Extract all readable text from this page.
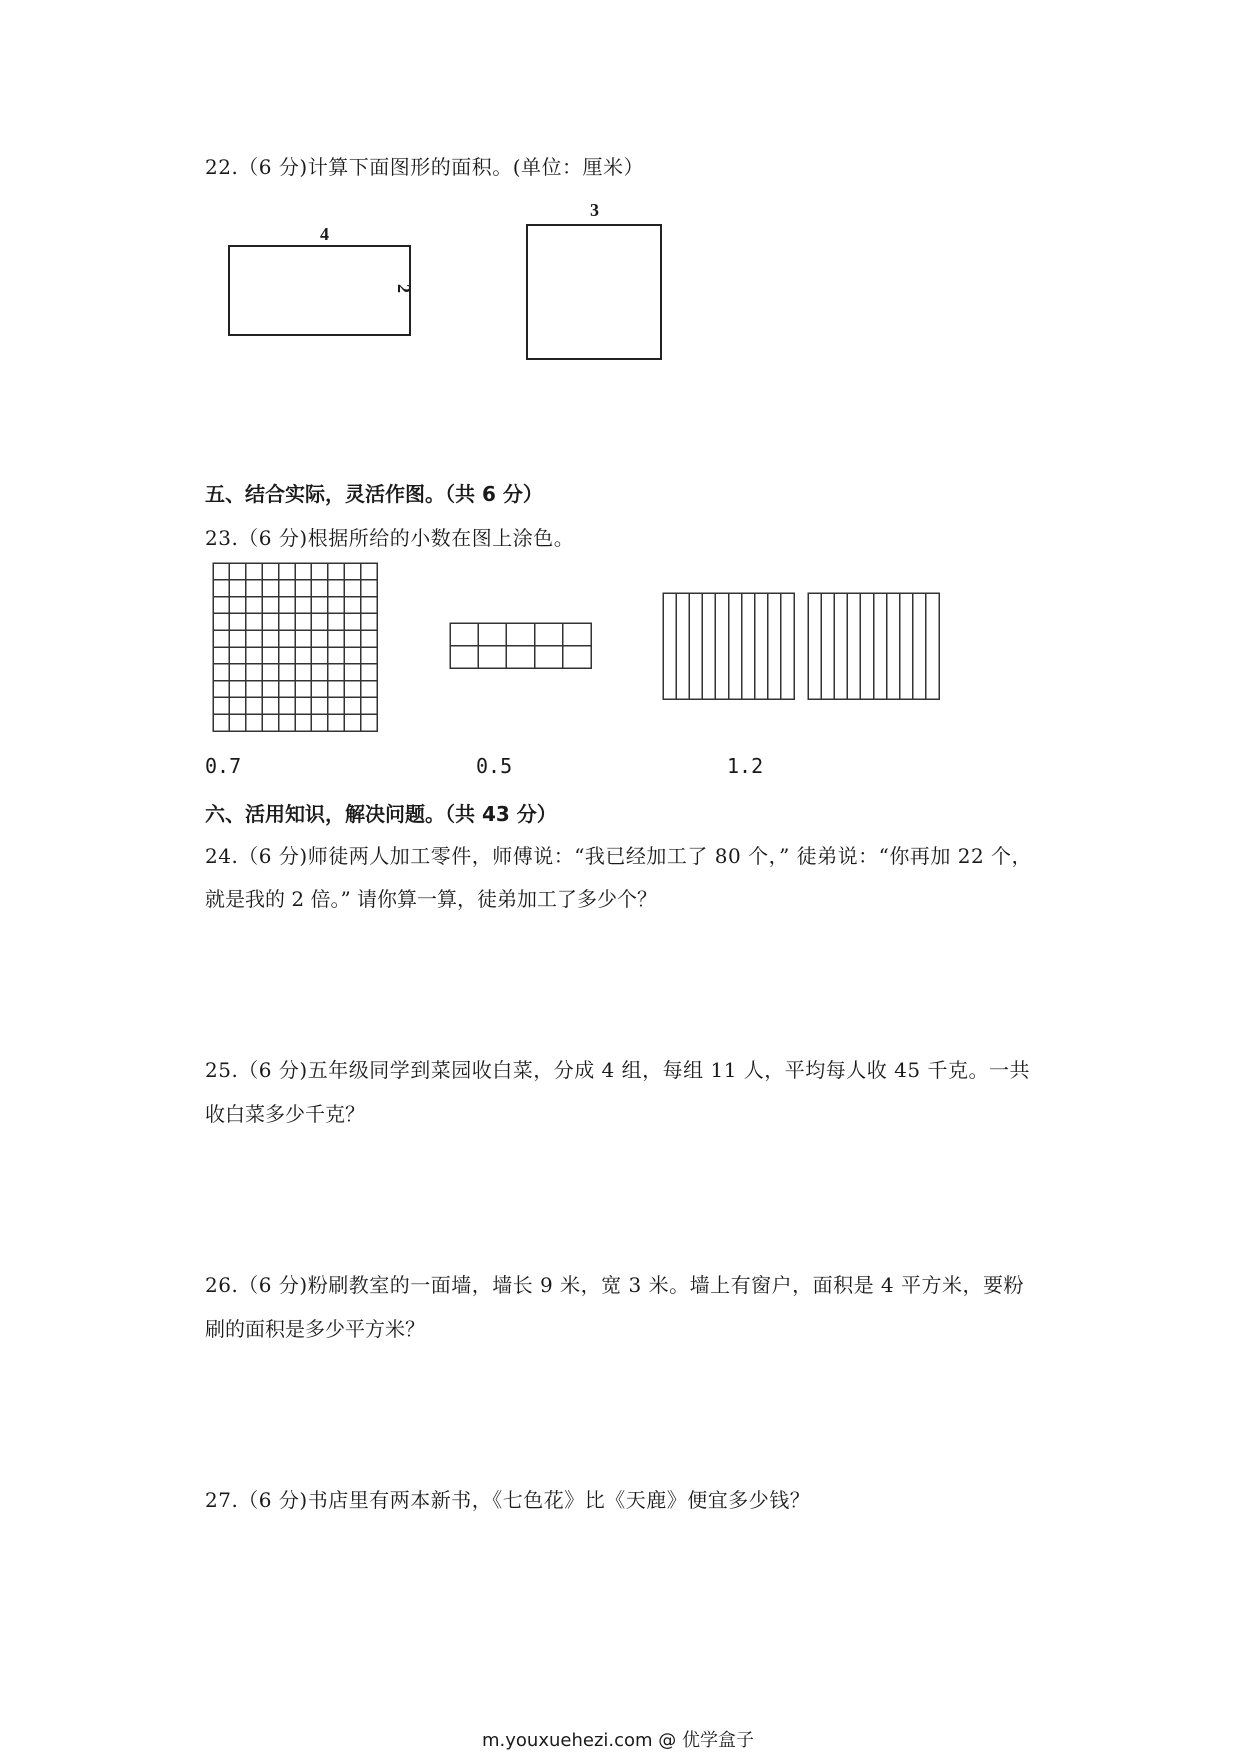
22.（6 分)计算下面图形的面积。(单位：厘米）
4
2
3
五、结合实际，灵活作图。（共 6 分）
23.（6 分)根据所给的小数在图上涂色。
0.7	0.5	1.2
六、活用知识，解决问题。（共 43 分）
24.（6 分)师徒两人加工零件，师傅说：“我已经加工了 80 个，” 徒弟说：“你再加 22 个，
就是我的 2 倍。” 请你算一算，徒弟加工了多少个？
25.（6 分)五年级同学到菜园收白菜，分成 4 组，每组 11 人，平均每人收 45 千克。一共
收白菜多少千克？
26.（6 分)粉刷教室的一面墙，墙长 9 米，宽 3 米。墙上有窗户，面积是 4 平方米，要粉
刷的面积是多少平方米？
27.（6 分)书店里有两本新书，《七色花》比《天鹿》便宜多少钱？
m.youxuehezi.com @ 优学盒子
